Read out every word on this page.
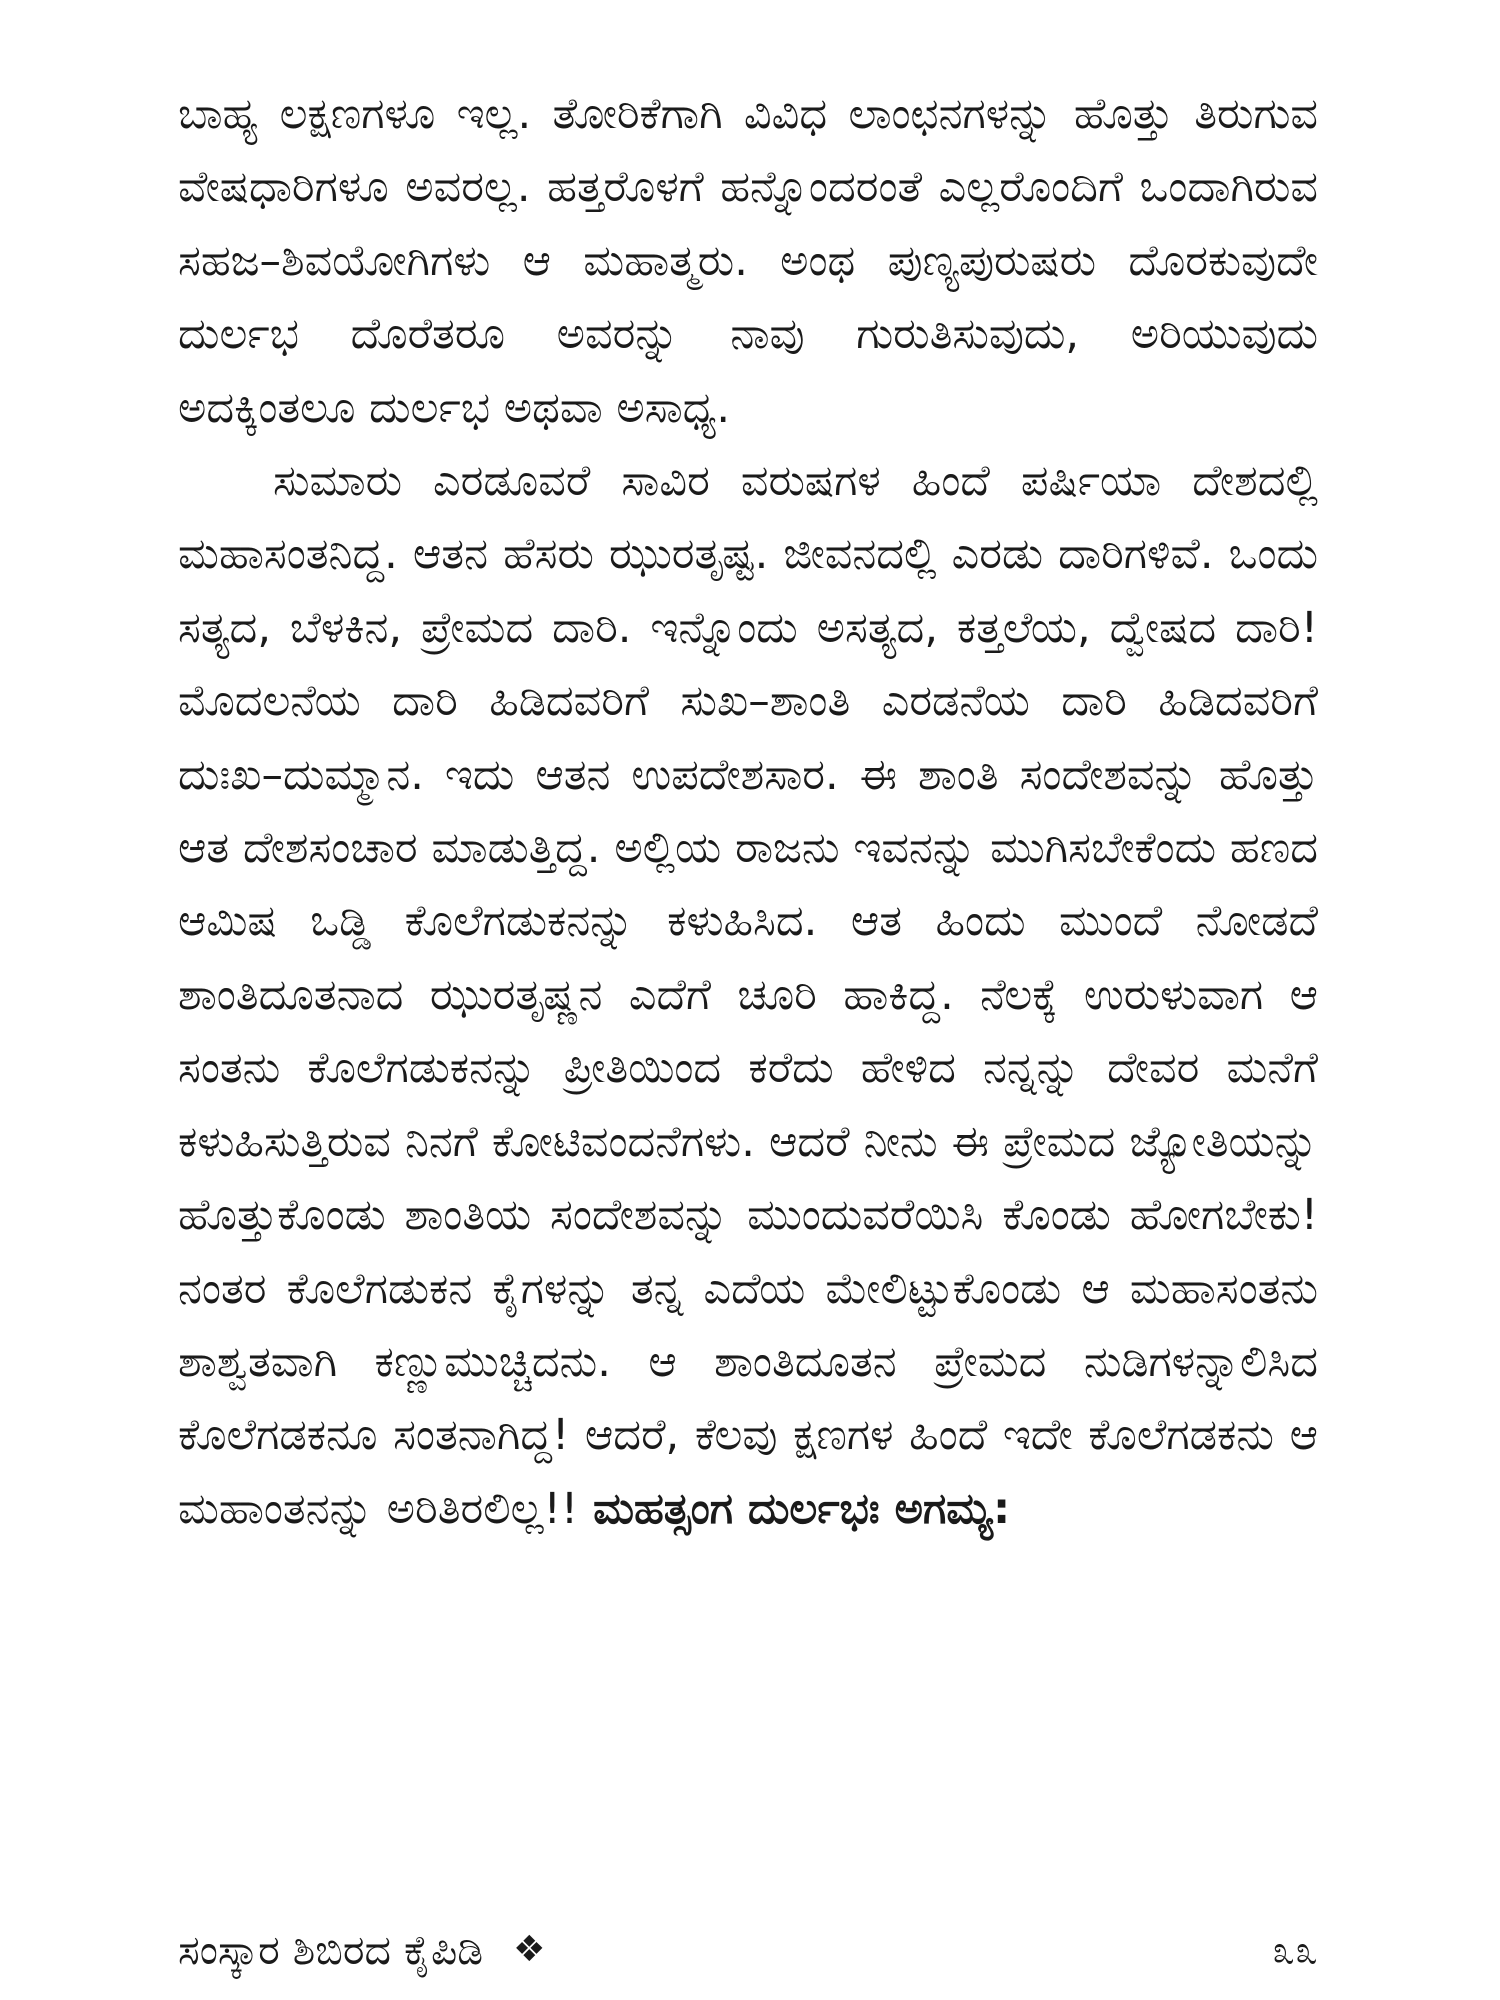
ಬಾಹ್ಯ ಲಕ್ಷಣಗಳೂ ಇಲ್ಲ. ತೋರಿಕೆಗಾಗಿ ವಿವಿಧ ಲಾಂಛನಗಳನ್ನು ಹೊತ್ತು ತಿರುಗುವ ವೇಷಧಾರಿಗಳೂ ಅವರಲ್ಲ. ಹತ್ತರೊಳಗೆ ಹನ್ನೊಂದರಂತೆ ಎಲ್ಲರೊಂದಿಗೆ ಒಂದಾಗಿರುವ ಸಹಜ–ಶಿವಯೋಗಿಗಳು ಆ ಮಹಾತ್ಮರು. ಅಂಥ ಪುಣ್ಯಪುರುಷರು ದೊರಕುವುದೇ ದುರ್ಲಭ ದೊರೆತರೂ ಅವರನ್ನು ನಾವು ಗುರುತಿಸುವುದು, ಅರಿಯುವುದು ಅದಕ್ಕಿಂತಲೂ ದುರ್ಲಭ ಅಥವಾ ಅಸಾಧ್ಯ.

ಸುಮಾರು ಎರಡೂವರೆ ಸಾವಿರ ವರುಷಗಳ ಹಿಂದೆ ಪರ್ಷಿಯಾ ದೇಶದಲ್ಲಿ ಮಹಾಸಂತನಿದ್ದ. ಆತನ ಹೆಸರು ಝುರತೃಷ್ಟ. ಜೀವನದಲ್ಲಿ ಎರಡು ದಾರಿಗಳಿವೆ. ಒಂದು ಸತ್ಯದ, ಬೆಳಕಿನ, ಪ್ರೇಮದ ದಾರಿ. ಇನ್ನೊಂದು ಅಸತ್ಯದ, ಕತ್ತಲೆಯ, ದ್ವೇಷದ ದಾರಿ! ಮೊದಲನೆಯ ದಾರಿ ಹಿಡಿದವರಿಗೆ ಸುಖ–ಶಾಂತಿ ಎರಡನೆಯ ದಾರಿ ಹಿಡಿದವರಿಗೆ ದುಃಖ–ದುಮ್ಮಾನ. ಇದು ಆತನ ಉಪದೇಶಸಾರ. ಈ ಶಾಂತಿ ಸಂದೇಶವನ್ನು ಹೊತ್ತು ಆತ ದೇಶಸಂಚಾರ ಮಾಡುತ್ತಿದ್ದ. ಅಲ್ಲಿಯ ರಾಜನು ಇವನನ್ನು ಮುಗಿಸಬೇಕೆಂದು ಹಣದ ಆಮಿಷ ಒಡ್ಡಿ ಕೊಲೆಗಡುಕನನ್ನು ಕಳುಹಿಸಿದ. ಆತ ಹಿಂದು ಮುಂದೆ ನೋಡದೆ ಶಾಂತಿದೂತನಾದ ಝುರತೃಷ್ಣನ ಎದೆಗೆ ಚೂರಿ ಹಾಕಿದ್ದ. ನೆಲಕ್ಕೆ ಉರುಳುವಾಗ ಆ ಸಂತನು ಕೊಲೆಗಡುಕನನ್ನು ಪ್ರೀತಿಯಿಂದ ಕರೆದು ಹೇಳಿದ ನನ್ನನ್ನು ದೇವರ ಮನೆಗೆ ಕಳುಹಿಸುತ್ತಿರುವ ನಿನಗೆ ಕೋಟಿವಂದನೆಗಳು. ಆದರೆ ನೀನು ಈ ಪ್ರೇಮದ ಜ್ಯೋತಿಯನ್ನು ಹೊತ್ತುಕೊಂಡು ಶಾಂತಿಯ ಸಂದೇಶವನ್ನು ಮುಂದುವರೆಯಿಸಿ ಕೊಂಡು ಹೋಗಬೇಕು! ನಂತರ ಕೊಲೆಗಡುಕನ ಕೈಗಳನ್ನು ತನ್ನ ಎದೆಯ ಮೇಲಿಟ್ಟುಕೊಂಡು ಆ ಮಹಾಸಂತನು ಶಾಶ್ವತವಾಗಿ ಕಣ್ಣುಮುಚ್ಚಿದನು. ಆ ಶಾಂತಿದೂತನ ಪ್ರೇಮದ ನುಡಿಗಳನ್ನಾಲಿಸಿದ ಕೊಲೆಗಡಕನೂ ಸಂತನಾಗಿದ್ದ! ಆದರೆ, ಕೆಲವು ಕ್ಷಣಗಳ ಹಿಂದೆ ಇದೇ ಕೊಲೆಗಡಕನು ಆ ಮಹಾಂತನನ್ನು ಅರಿತಿರಲಿಲ್ಲ!! ಮಹತ್ಸಂಗ ದುರ್ಲಭಃ ಅಗಮ್ಯ:

ಸಂಸ್ಕಾರ ಶಿಬಿರದ ಕೈಪಿಡಿ ❖	೩೩
